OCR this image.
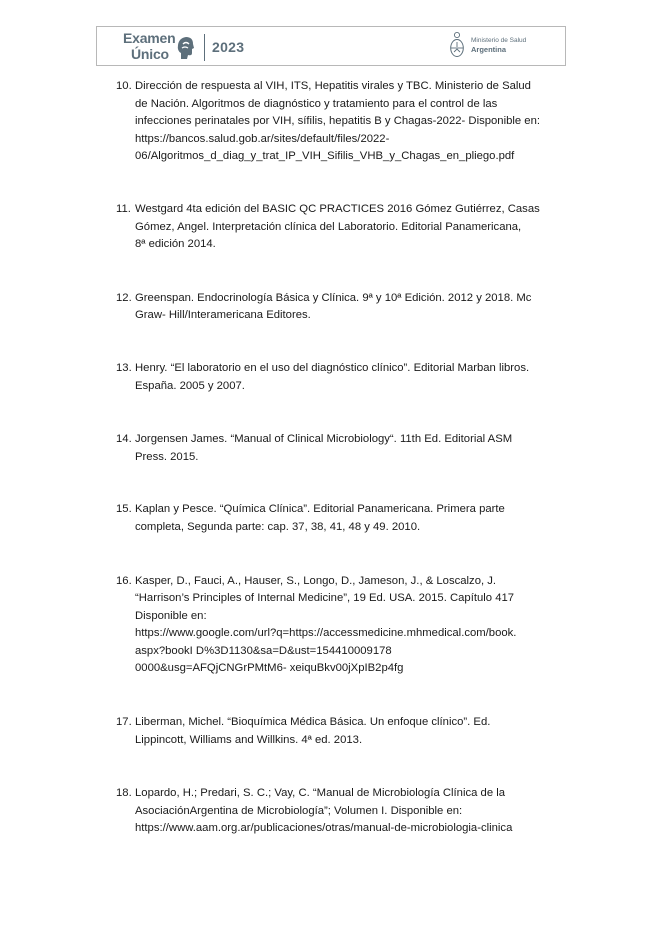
Examen
Único	2023	Ministerio de Salud
Argentina
10. Dirección de respuesta al VIH, ITS, Hepatitis virales y TBC. Ministerio de Salud
de Nación. Algoritmos de diagnóstico y tratamiento para el control de las
infecciones perinatales por VIH, sífilis, hepatitis B y Chagas-2022- Disponible en:
https://bancos.salud.gob.ar/sites/default/files/2022-
06/Algoritmos_d_diag_y_trat_IP_VIH_Sifilis_VHB_y_Chagas_en_pliego.pdf
11. Westgard 4ta edición del BASIC QC PRACTICES 2016 Gómez Gutiérrez, Casas
Gómez, Angel. Interpretación clínica del Laboratorio. Editorial Panamericana,
8ª edición 2014.
12. Greenspan. Endocrinología Básica y Clínica. 9ª y 10ª Edición. 2012 y 2018. Mc
Graw- Hill/Interamericana Editores.
13. Henry. “El laboratorio en el uso del diagnóstico clínico”. Editorial Marban libros.
España. 2005 y 2007.
14. Jorgensen James. “Manual of Clinical Microbiology“. 11th Ed. Editorial ASM
Press. 2015.
15. Kaplan y Pesce. “Química Clínica”. Editorial Panamericana. Primera parte
completa, Segunda parte: cap. 37, 38, 41, 48 y 49. 2010.
16. Kasper, D., Fauci, A., Hauser, S., Longo, D., Jameson, J., & Loscalzo, J.
“Harrison’s Principles of Internal Medicine”, 19 Ed. USA. 2015. Capítulo 417
Disponible en:
https://www.google.com/url?q=https://accessmedicine.mhmedical.com/book.
aspx?bookI D%3D1130&sa=D&ust=154410009178
0000&usg=AFQjCNGrPMtM6- xeiquBkv00jXpIB2p4fg
17. Liberman, Michel. “Bioquímica Médica Básica. Un enfoque clínico”. Ed.
Lippincott, Williams and Willkins. 4ª ed. 2013.
18. Lopardo, H.; Predari, S. C.; Vay, C. “Manual de Microbiología Clínica de la
AsociaciónArgentina de Microbiología”; Volumen I. Disponible en:
https://www.aam.org.ar/publicaciones/otras/manual-de-microbiologia-clinica
